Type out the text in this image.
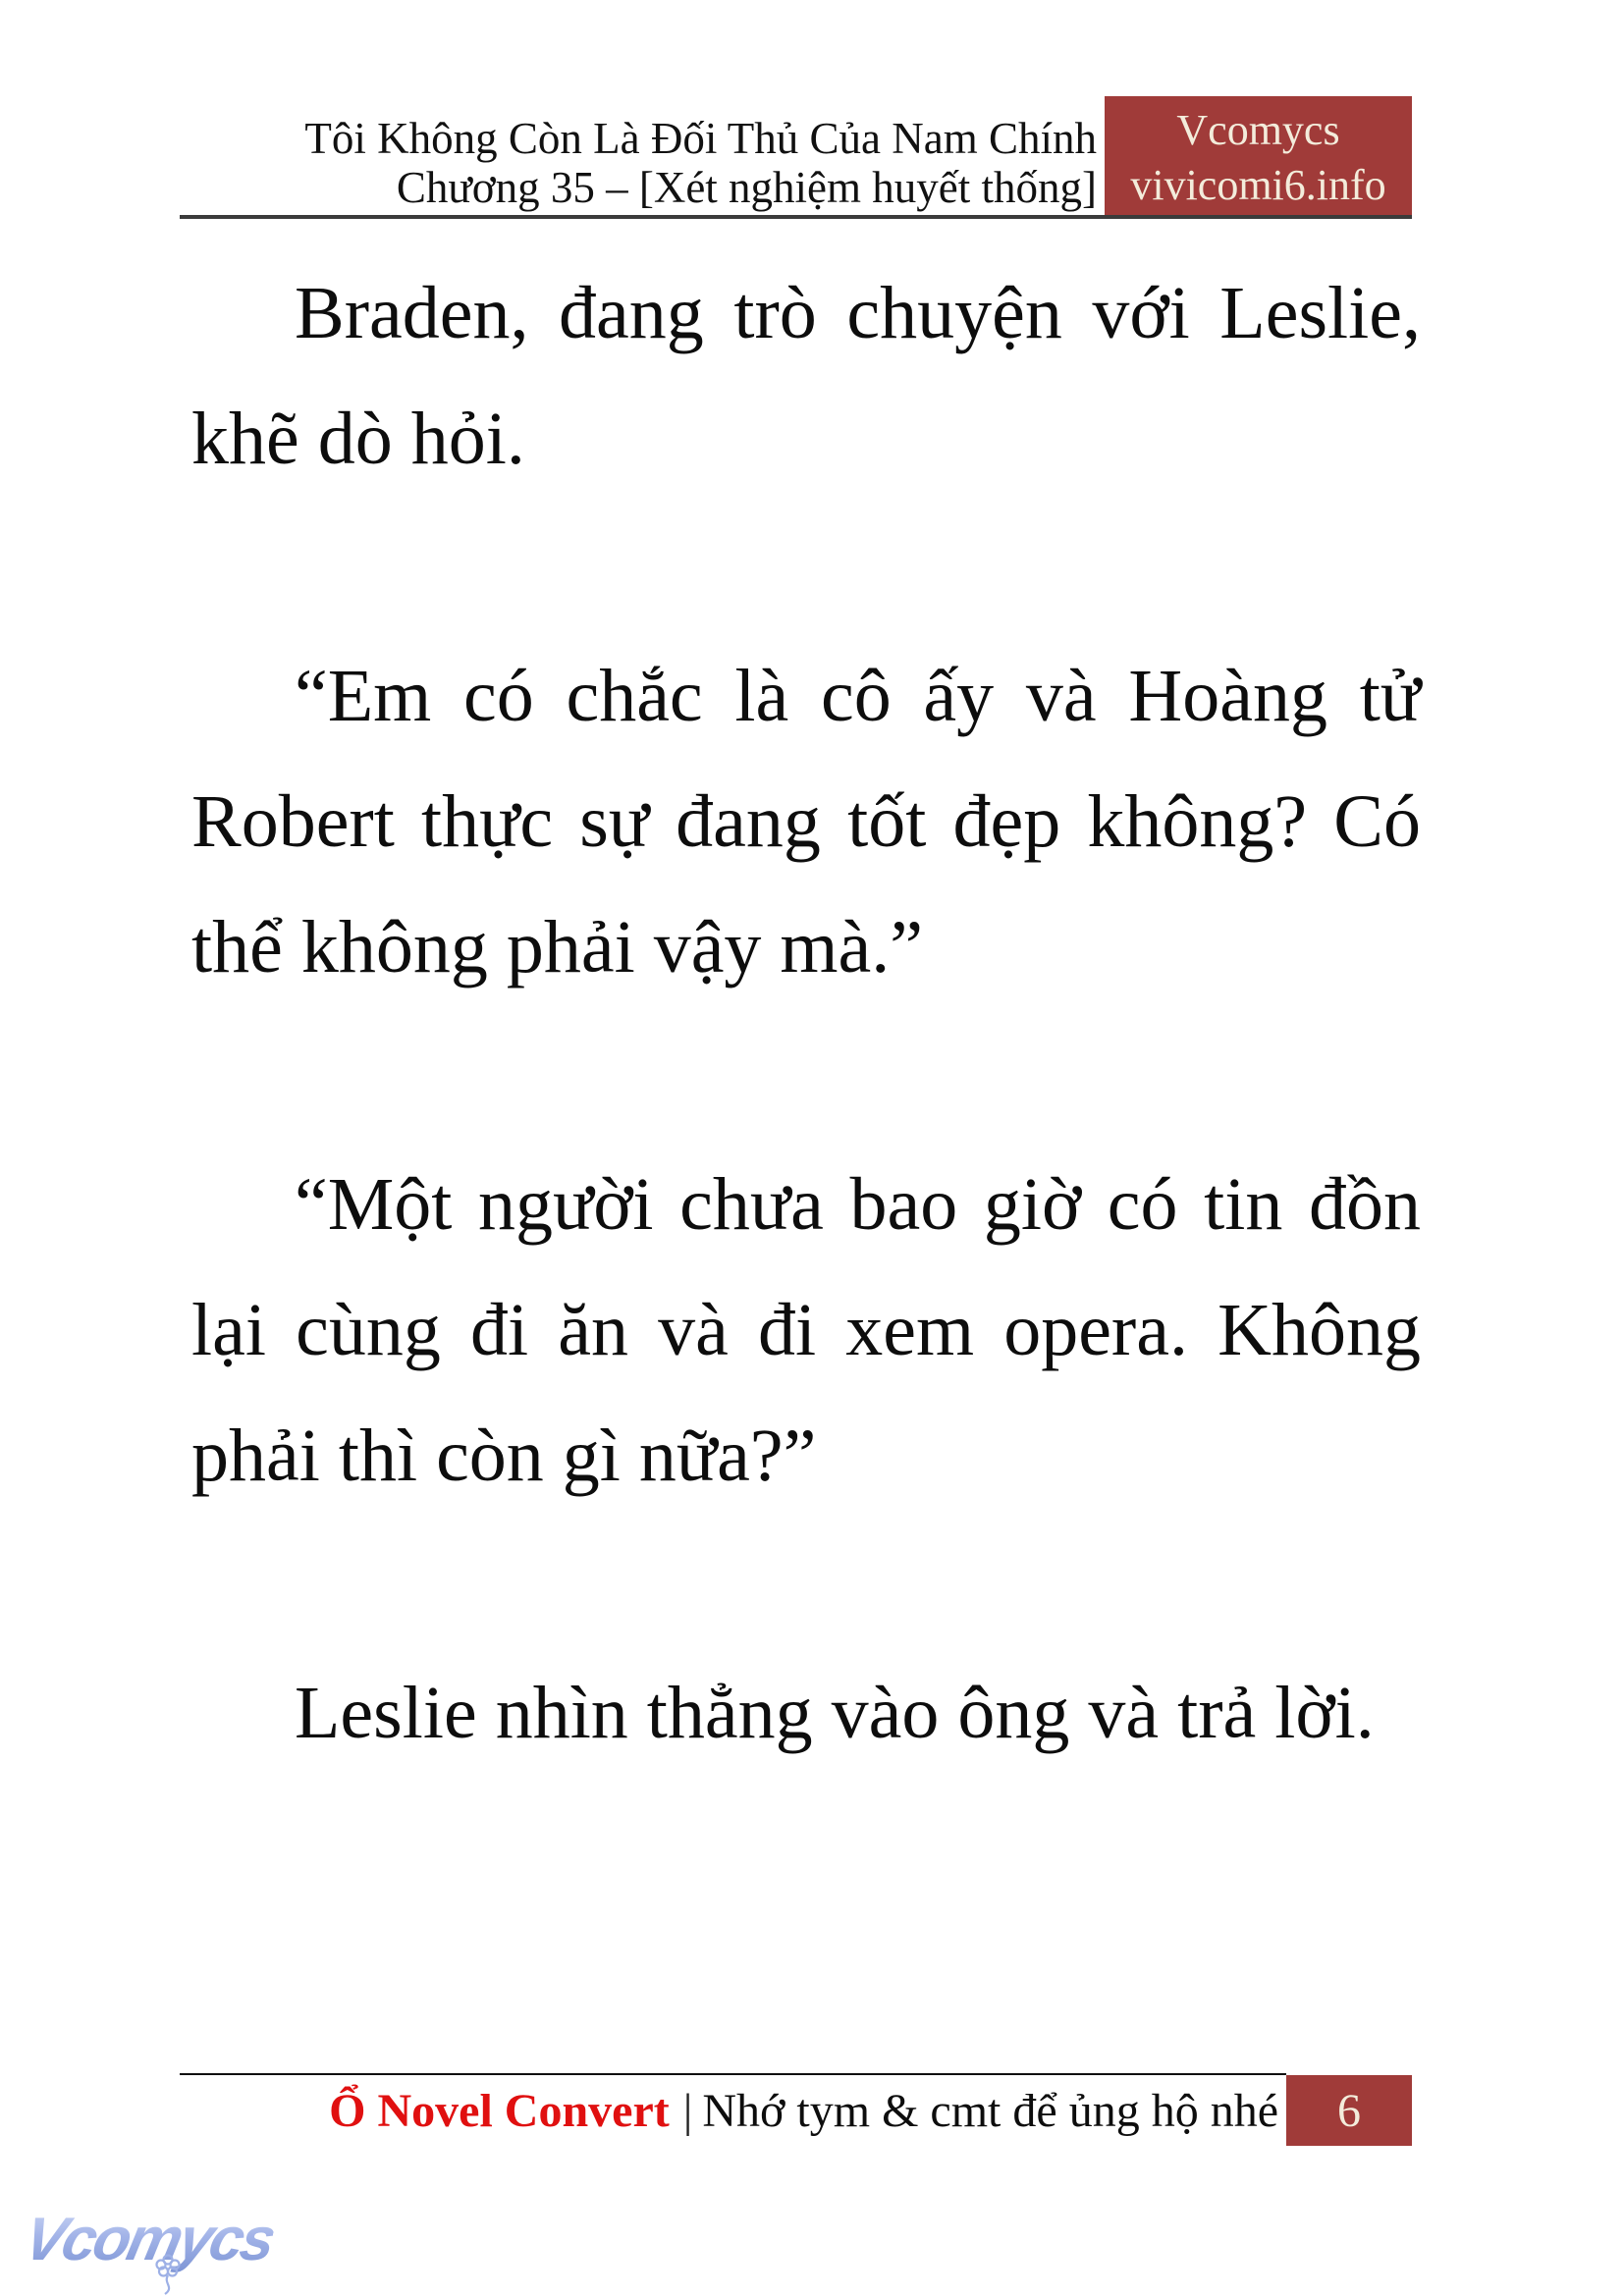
Tôi Không Còn Là Đối Thủ Của Nam Chính
Chương 35 – [Xét nghiệm huyết thống]
Vcomycs
vivicomi6.info

Braden, đang trò chuyện với Leslie, khẽ dò hỏi.

“Em có chắc là cô ấy và Hoàng tử Robert thực sự đang tốt đẹp không? Có thể không phải vậy mà.”

“Một người chưa bao giờ có tin đồn lại cùng đi ăn và đi xem opera. Không phải thì còn gì nữa?”

Leslie nhìn thẳng vào ông và trả lời.

Ổ Novel Convert | Nhớ tym & cmt để ủng hộ nhé 6
Vcomycs
